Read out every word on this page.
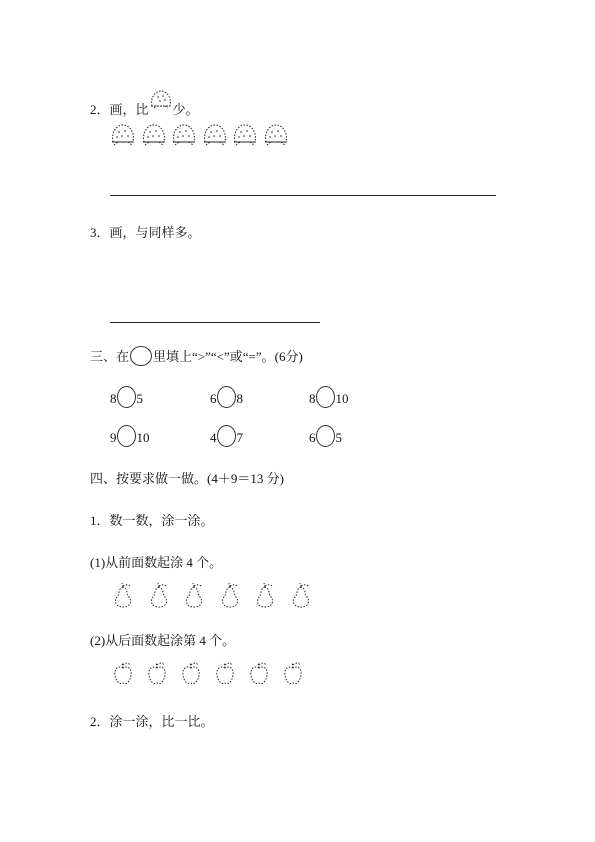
2．画，比 少。
3．画，与同样多。
三、在 里填上“>”“<”或“=”。(6分)
8 5	6 8	8 10
9 10	4 7	6 5
四、按要求做一做。(4＋9＝13 分)
1．数一数，涂一涂。
(1)从前面数起涂 4 个。
(2)从后面数起涂第 4 个。
2．涂一涂，比一比。
